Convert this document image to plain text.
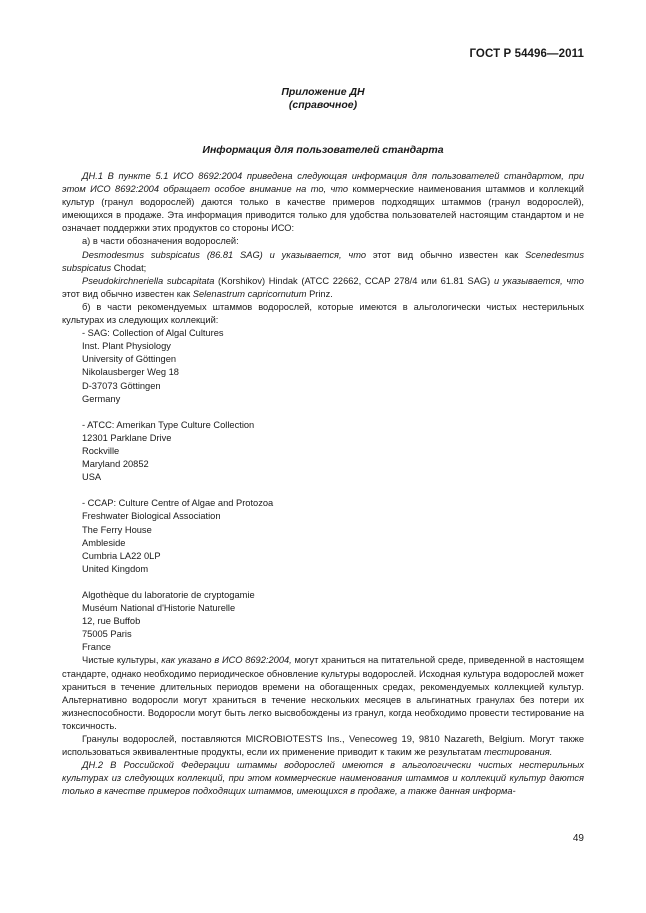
ГОСТ Р 54496—2011
Приложение ДН
(справочное)
Информация для пользователей стандарта

ДН.1 В пункте 5.1 ИСО 8692:2004 приведена следующая информация для пользователей стандартом, при этом ИСО 8692:2004 обращает особое внимание на то, что коммерческие наименования штаммов и коллекций культур (гранул водорослей) даются только в качестве примеров подходящих штаммов (гранул водорослей), имеющихся в продаже. Эта информация приводится только для удобства пользователей настоящим стандартом и не означает поддержки этих продуктов со стороны ИСО:

а) в части обозначения водорослей:

Desmodesmus subspicatus (86.81 SAG) и указывается, что этот вид обычно известен как Scenedesmus subspicatus Chodat;

Pseudokirchneriella subcapitata (Korshikov) Hindak (АТСС 22662, ССАР 278/4 или 61.81 SAG) и указывается, что этот вид обычно известен как Selenastrum capricornutum Prinz.

б) в части рекомендуемых штаммов водорослей, которые имеются в альгологически чистых нестерильных культурах из следующих коллекций:

- SAG: Collection of Algal Cultures
Inst. Plant Physiology
University of Göttingen
Nikolausberger Weg 18
D-37073 Göttingen
Germany
- ATCC: Amerikan Type Culture Collection
12301 Parklane Drive
Rockville
Maryland 20852
USA
- CCAP: Culture Centre of Algae and Protozoa
Freshwater Biological Association
The Ferry House
Ambleside
Cumbria LA22 0LP
United Kingdom
Algothèque du laboratorie de cryptogamie
Muséum National d'Historie Naturelle
12, rue Buffob
75005 Paris
France

Чистые культуры, как указано в ИСО 8692:2004, могут храниться на питательной среде, приведенной в настоящем стандарте, однако необходимо периодическое обновление культуры водорослей. Исходная культура водорослей может храниться в течение длительных периодов времени на обогащенных средах, рекомендуемых коллекцией культур. Альтернативно водоросли могут храниться в течение нескольких месяцев в альгинатных гранулах без потери их жизнеспособности. Водоросли могут быть легко высвобождены из гранул, когда необходимо провести тестирование на токсичность.

Гранулы водорослей, поставляются MICROBIOTESTS Ins., Venecoweg 19, 9810 Nazareth, Belgium. Могут также использоваться эквивалентные продукты, если их применение приводит к таким же результатам тестирования.

ДН.2 В Российской Федерации штаммы водорослей имеются в альгологически чистых нестерильных культурах из следующих коллекций, при этом коммерческие наименования штаммов и коллекций культур даются только в качестве примеров подходящих штаммов, имеющихся в продаже, а также данная информа-

49
